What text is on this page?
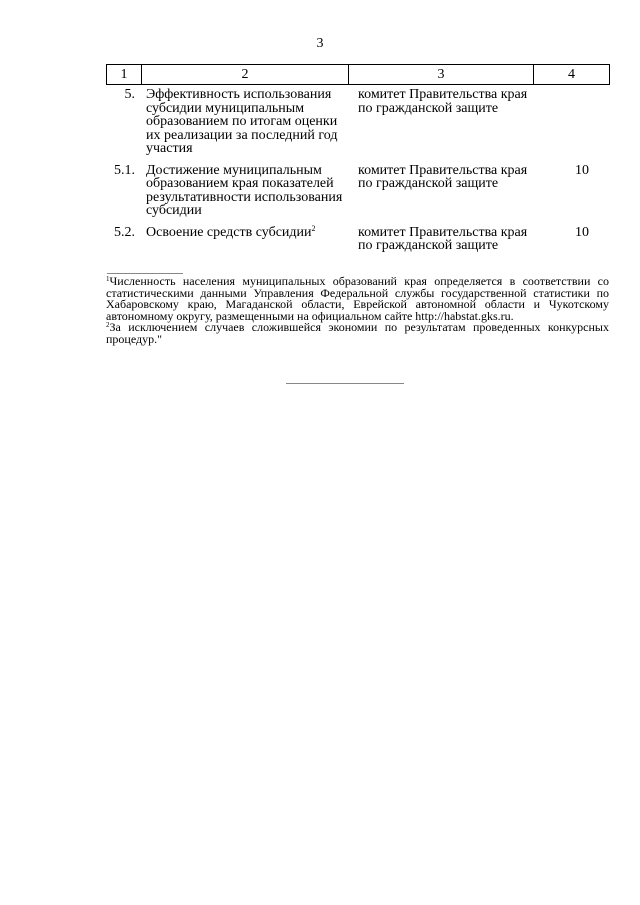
3
1	2	3	4
5.	Эффективность использования субсидии муниципальным образованием по итогам оценки их реализации за последний год участия	комитет Правительства края по гражданской защите	
5.1.	Достижение муниципальным образованием края показателей результативности использования субсидии	комитет Правительства края по гражданской защите	10
5.2.	Освоение средств субсидии$^2$	комитет Правительства края по гражданской защите	10

$^1$Численность населения муниципальных образований края определяется в соответствии со статистическими данными Управления Федеральной службы государственной статистики по Хабаровскому краю, Магаданской области, Еврейской автономной области и Чукотскому автономному округу, размещенными на официальном сайте http://habstat.gks.ru.

$^2$За исключением случаев сложившейся экономии по результатам проведенных конкурсных процедур."
